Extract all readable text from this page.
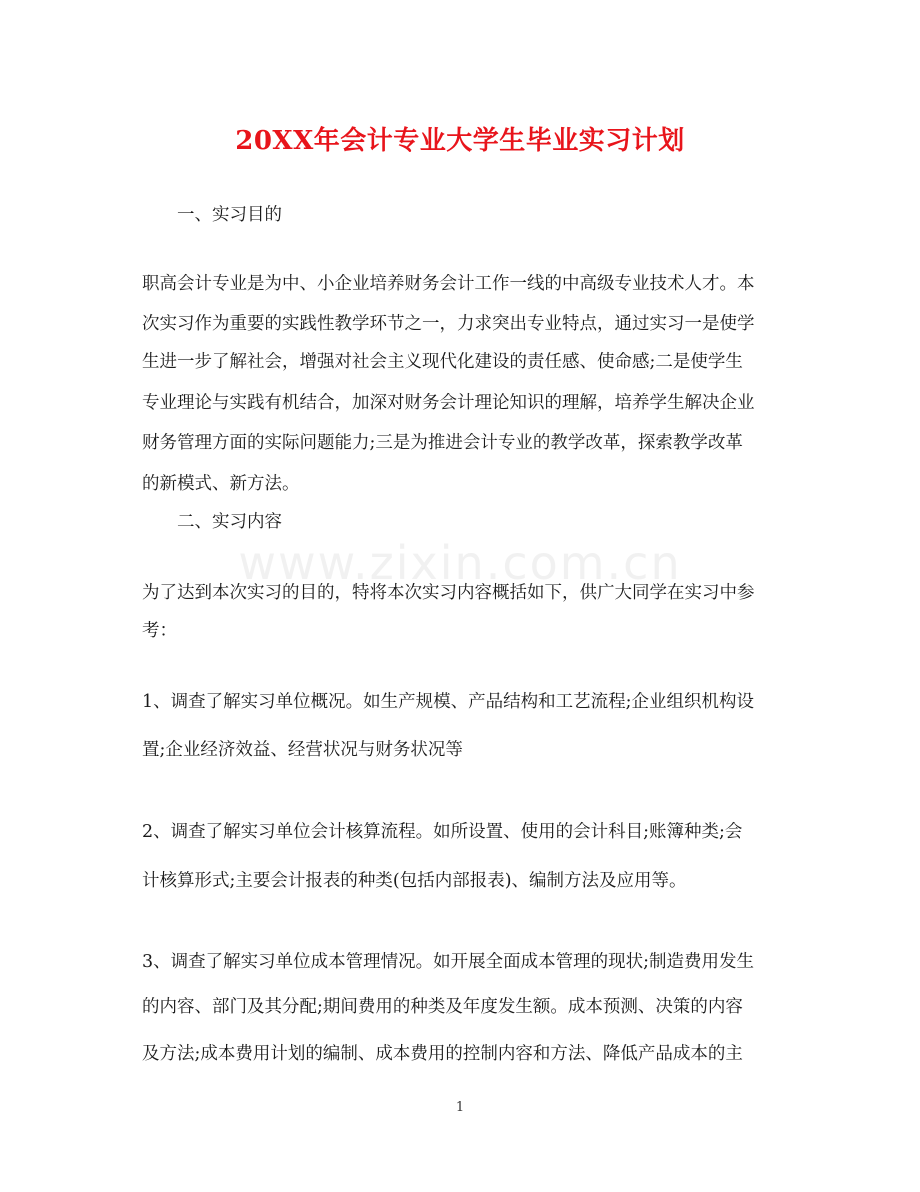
20XX年会计专业大学生毕业实习计划
一、实习目的
职高会计专业是为中、小企业培养财务会计工作一线的中高级专业技术人才。本
次实习作为重要的实践性教学环节之一，力求突出专业特点，通过实习一是使学
生进一步了解社会，增强对社会主义现代化建设的责任感、使命感;二是使学生
专业理论与实践有机结合，加深对财务会计理论知识的理解，培养学生解决企业
财务管理方面的实际问题能力;三是为推进会计专业的教学改革，探索教学改革
的新模式、新方法。
二、实习内容
为了达到本次实习的目的，特将本次实习内容概括如下，供广大同学在实习中参
考：
1、调查了解实习单位概况。如生产规模、产品结构和工艺流程;企业组织机构设
置;企业经济效益、经营状况与财务状况等
2、调查了解实习单位会计核算流程。如所设置、使用的会计科目;账簿种类;会
计核算形式;主要会计报表的种类(包括内部报表)、编制方法及应用等。
3、调查了解实习单位成本管理情况。如开展全面成本管理的现状;制造费用发生
的内容、部门及其分配;期间费用的种类及年度发生额。成本预测、决策的内容
及方法;成本费用计划的编制、成本费用的控制内容和方法、降低产品成本的主
www.zixin.com.cn
1
